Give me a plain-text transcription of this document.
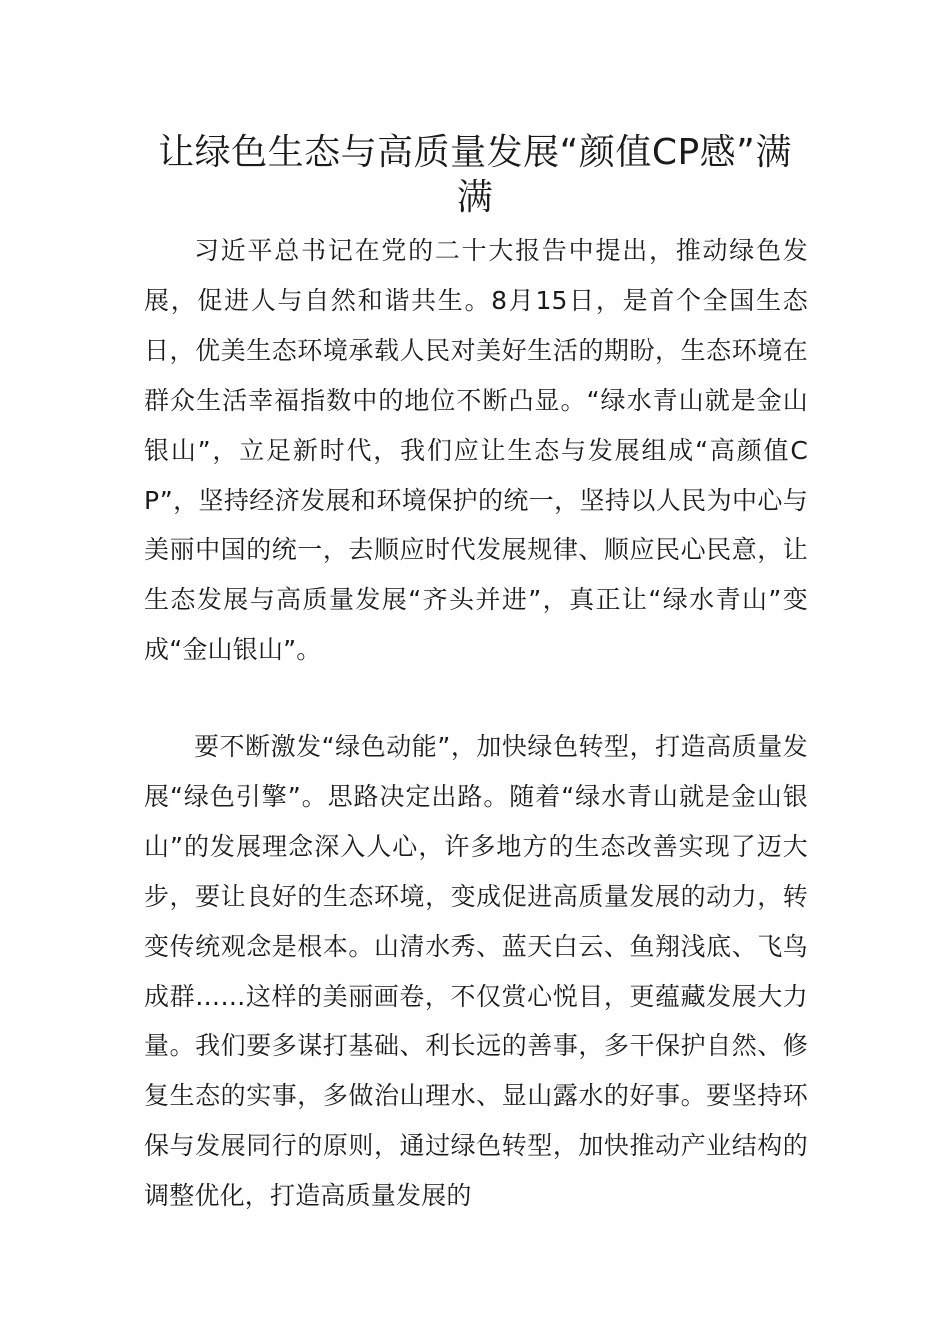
让绿色生态与高质量发展“颜值CP感”满满

习近平总书记在党的二十大报告中提出，推动绿色发展，促进人与自然和谐共生。8月15日，是首个全国生态日，优美生态环境承载人民对美好生活的期盼，生态环境在群众生活幸福指数中的地位不断凸显。“绿水青山就是金山银山”，立足新时代，我们应让生态与发展组成“高颜值CP”，坚持经济发展和环境保护的统一，坚持以人民为中心与美丽中国的统一，去顺应时代发展规律、顺应民心民意，让生态发展与高质量发展“齐头并进”，真正让“绿水青山”变成“金山银山”。

要不断激发“绿色动能”，加快绿色转型，打造高质量发展“绿色引擎”。思路决定出路。随着“绿水青山就是金山银山”的发展理念深入人心，许多地方的生态改善实现了迈大步，要让良好的生态环境，变成促进高质量发展的动力，转变传统观念是根本。山清水秀、蓝天白云、鱼翔浅底、飞鸟成群……这样的美丽画卷，不仅赏心悦目，更蕴藏发展大力量。我们要多谋打基础、利长远的善事，多干保护自然、修复生态的实事，多做治山理水、显山露水的好事。要坚持环保与发展同行的原则，通过绿色转型，加快推动产业结构的调整优化，打造高质量发展的
